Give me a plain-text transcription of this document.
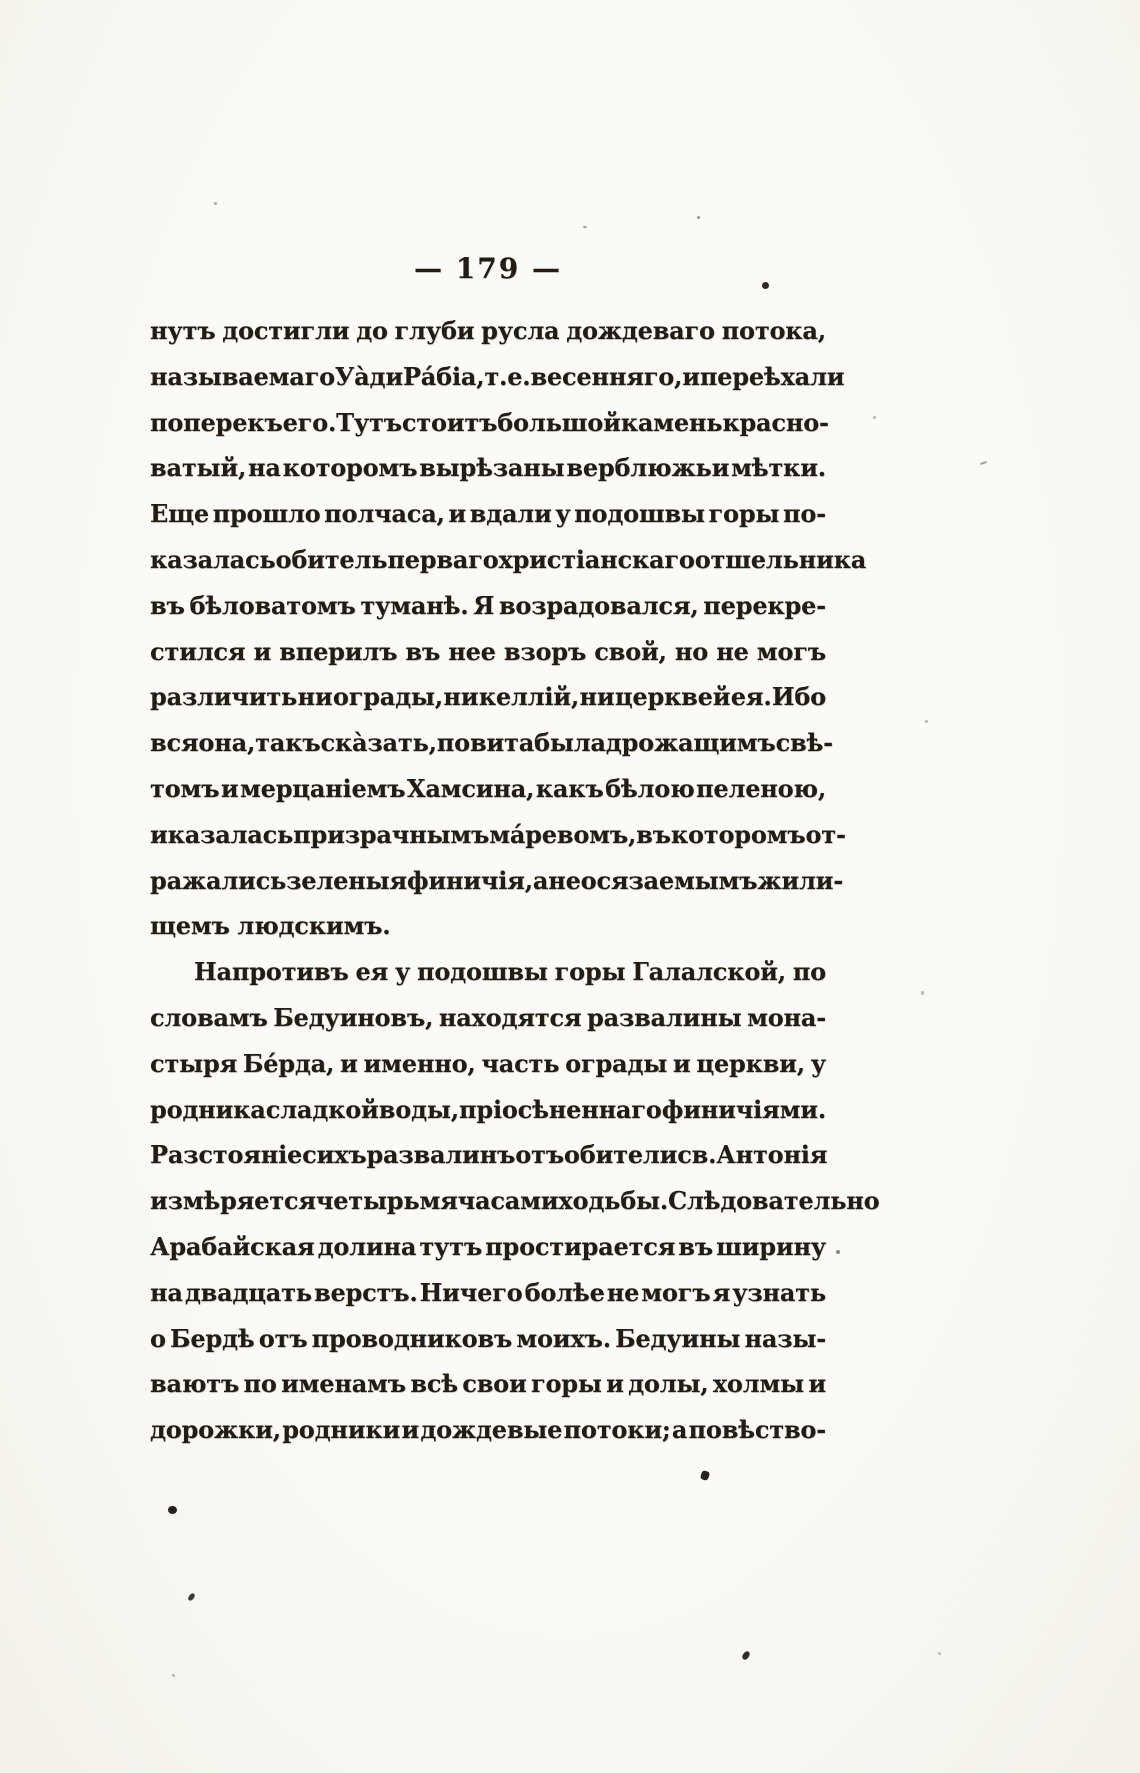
— 179 —
нутъ достигли до глуби русла дождеваго потока,
называемаго Уа̀ди Ра́біа, т. е. весенняго, и переѣхали
поперекъ его. Тутъ стоитъ большой камень красно-
ватый, на которомъ вырѣзаны верблюжьи мѣтки.
Еще прошло полчаса, и вдали у подошвы горы по-
казалась обитель перваго христіанскаго отшельника
въ бѣловатомъ туманѣ. Я возрадовался, перекре-
стился и вперилъ въ нее взоръ свой, но не могъ
различить ни ограды, ни келлій, ни церквей ея. Ибо
вся она, такъ ска̀зать, повита была дрожащимъ свѣ-
томъ и мерцаніемъ Хамсина, какъ бѣлою пеленою,
и казалась призрачнымъ ма́ревомъ, въ которомъ от-
ражались зеленыя финичія, а не осязаемымъ жили-
щемъ людскимъ.
Напротивъ ея у подошвы горы Галалской, по
словамъ Бедуиновъ, находятся развалины мона-
стыря Бе́рда, и именно, часть ограды и церкви, у
родника сладкой воды, пріосѣненнаго финичіями.
Разстояніе сихъ развалинъ отъ обители св. Антонія
измѣряется четырьмя часами ходьбы. Слѣдовательно
Арабайская долина тутъ простирается въ ширину
на двадцать верстъ. Ничего болѣе не могъ я узнать
о Бердѣ отъ проводниковъ моихъ. Бедуины назы-
ваютъ по именамъ всѣ свои горы и долы, холмы и
дорожки, родники и дождевые потоки; а повѣство-
